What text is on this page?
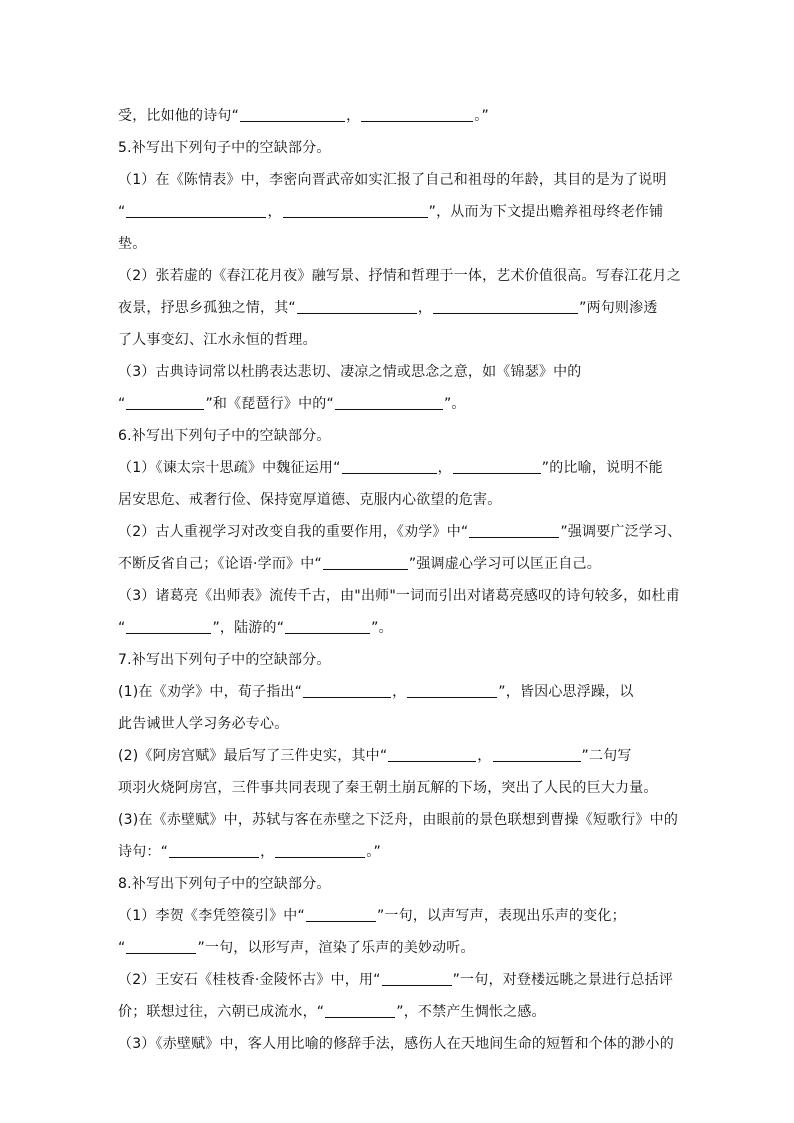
受，比如他的诗句“	，	。”
5.补写出下列句子中的空缺部分。
（1）在《陈情表》中，李密向晋武帝如实汇报了自己和祖母的年龄，其目的是为了说明
“	，	”，从而为下文提出赡养祖母终老作铺
垫。
（2）张若虚的《春江花月夜》融写景、抒情和哲理于一体，艺术价值很高。写春江花月之
夜景，抒思乡孤独之情，其“	，	”两句则渗透
了人事变幻、江水永恒的哲理。
（3）古典诗词常以杜鹃表达悲切、凄凉之情或思念之意，如《锦瑟》中的
“	”和《琵琶行》中的“	”。
6.补写出下列句子中的空缺部分。
（1）《谏太宗十思疏》中魏征运用“	，	”的比喻，说明不能
居安思危、戒奢行俭、保持宽厚道德、克服内心欲望的危害。
（2）古人重视学习对改变自我的重要作用，《劝学》中“	”强调要广泛学习、
不断反省自己；《论语·学而》中“	”强调虚心学习可以匡正自己。
（3）诸葛亮《出师表》流传千古，由"出师"一词而引出对诸葛亮感叹的诗句较多，如杜甫
“	”，陆游的“	”。
7.补写出下列句子中的空缺部分。
(1)在《劝学》中，荀子指出“	，	”，皆因心思浮躁，以
此告诫世人学习务必专心。
(2)《阿房宫赋》最后写了三件史实，其中“	，	”二句写
项羽火烧阿房宫，三件事共同表现了秦王朝土崩瓦解的下场，突出了人民的巨大力量。
(3)在《赤壁赋》中，苏轼与客在赤壁之下泛舟，由眼前的景色联想到曹操《短歌行》中的
诗句：“	，	。”
8.补写出下列句子中的空缺部分。
（1）李贺《李凭箜篌引》中“	”一句，以声写声，表现出乐声的变化；
“	”一句，以形写声，渲染了乐声的美妙动听。
（2）王安石《桂枝香·金陵怀古》中，用“	”一句，对登楼远眺之景进行总括评
价；联想过往，六朝已成流水，“	”，不禁产生惆怅之感。
（3）《赤壁赋》中，客人用比喻的修辞手法，感伤人在天地间生命的短暂和个体的渺小的
